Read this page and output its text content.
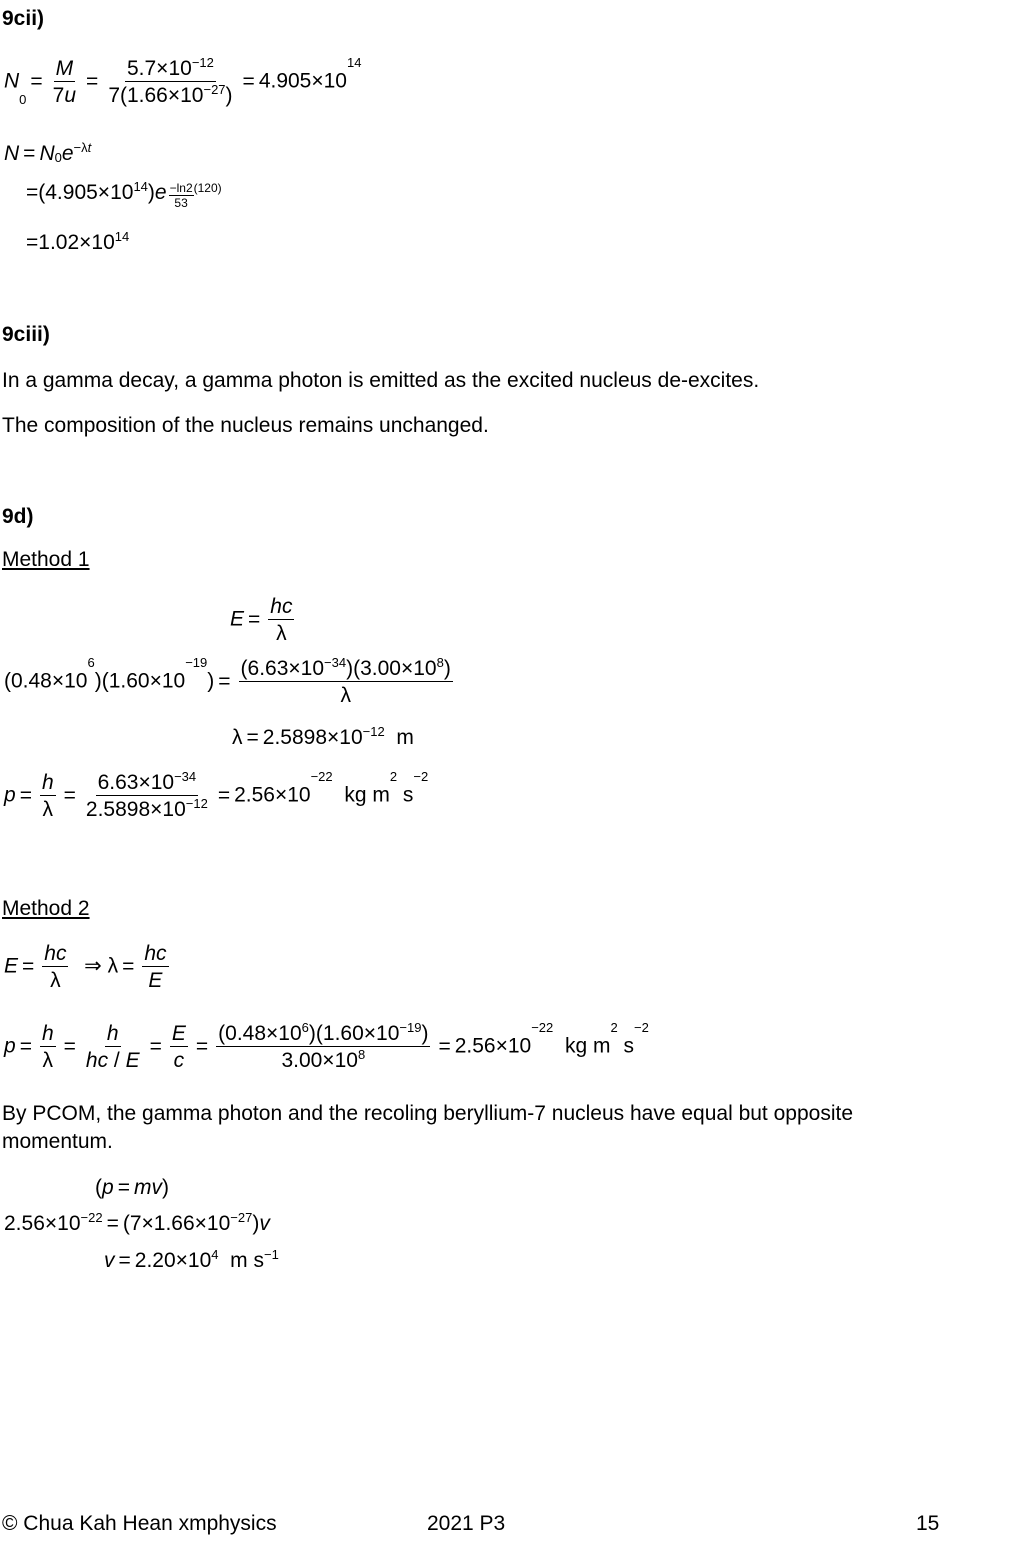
9cii)
$N0= \frac{M}{7u} = \frac{5.7\times 10^{-12}}{7(1.66\times 10^{-27})} = 4.905\times 10^{14}$
$N = N0e^{-\lambda t}$
$=(4.905\times 10^{14})e \frac{-\ln 2}{53} ^{(120)}$
$=1.02\times 10^{14}$
9ciii)
In a gamma decay, a gamma photon is emitted as the excited nucleus de-excites.
The composition of the nucleus remains unchanged.
9d)
Method 1
$E = \frac{hc}{\lambda}$
$(0.48\times 10^6)(1.60\times 10^{-19}) = \frac{(6.63\times 10^{-34})(3.00\times 10^8)}{\lambda}$
$\lambda = 2.5898\times 10^{-12}$  m
$p = \frac{h}{\lambda} = \frac{6.63\times 10^{-34}}{2.5898\times 10^{-12}} = 2.56\times 10^{-22}$  kg $m^2$ $s^{-2}$
Method 2
$E = \frac{hc}{\lambda}$ ⇒ $\lambda = \frac{hc}{E}$
$p = \frac{h}{\lambda} = \frac{h}{hc / E} = \frac{E}{c} = \frac{(0.48\times 10^6)(1.60\times 10^{-19})}{3.00\times 10^8} = 2.56\times 10^{-22}$  kg $m^2$ $s^{-2}$
By PCOM, the gamma photon and the recoling beryllium-7 nucleus have equal but opposite
momentum.
(p = mv)
$2.56\times 10^{-22} = (7\times 1.66\times 10^{-27})v$
$v = 2.20\times 10^4$  m $s^{-1}$
© Chua Kah Hean xmphysics	2021 P3	15
